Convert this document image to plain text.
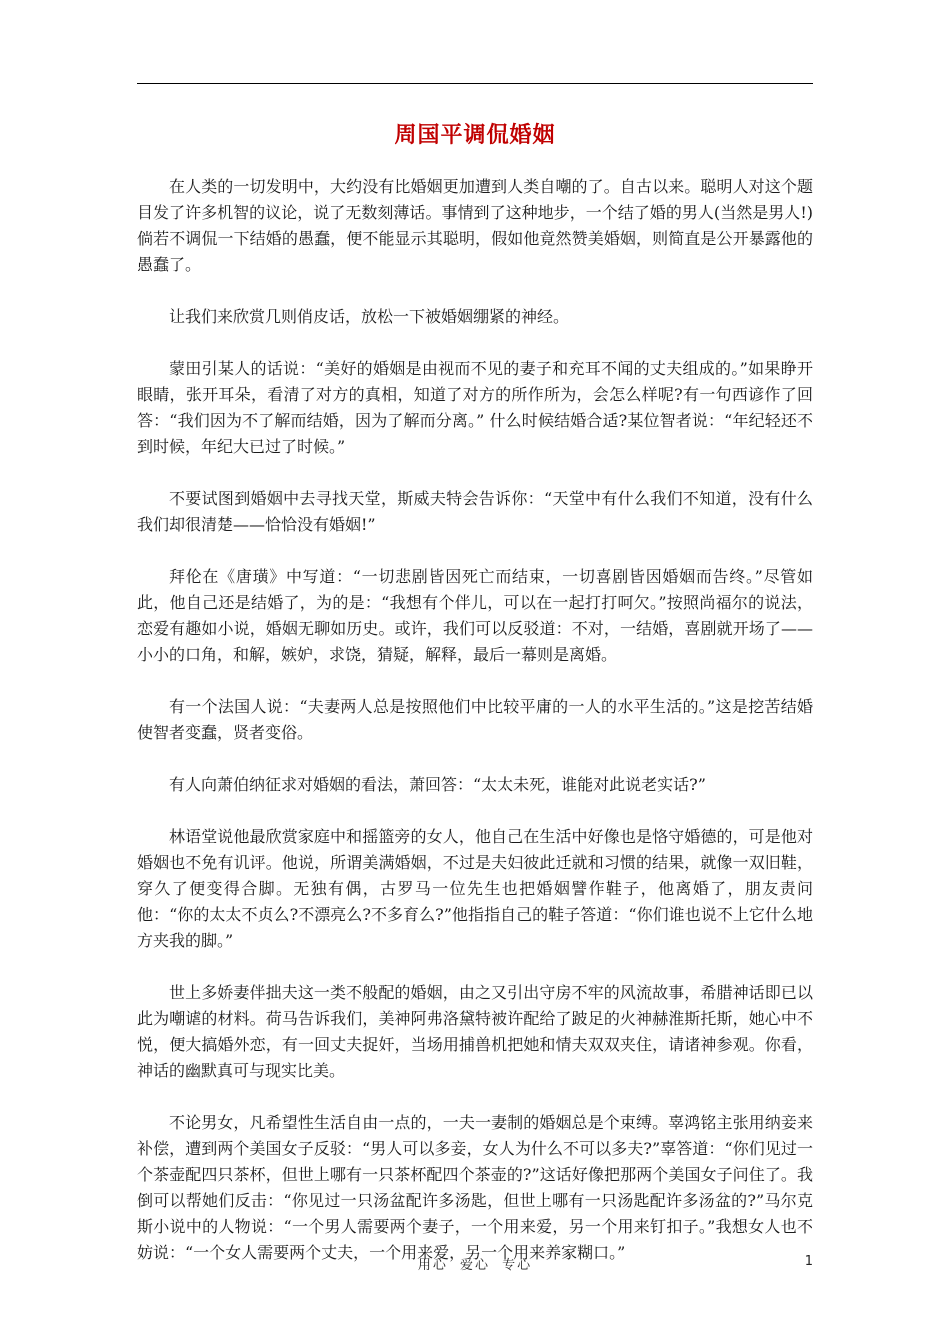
周国平调侃婚姻

在人类的一切发明中，大约没有比婚姻更加遭到人类自嘲的了。自古以来。聪明人对这个题目发了许多机智的议论，说了无数刻薄话。事情到了这种地步，一个结了婚的男人(当然是男人!)倘若不调侃一下结婚的愚蠢，便不能显示其聪明，假如他竟然赞美婚姻，则简直是公开暴露他的愚蠢了。

让我们来欣赏几则俏皮话，放松一下被婚姻绷紧的神经。

蒙田引某人的话说：“美好的婚姻是由视而不见的妻子和充耳不闻的丈夫组成的。”如果睁开眼睛，张开耳朵，看清了对方的真相，知道了对方的所作所为，会怎么样呢?有一句西谚作了回答：“我们因为不了解而结婚，因为了解而分离。” 什么时候结婚合适?某位智者说：“年纪轻还不到时候，年纪大已过了时候。”

不要试图到婚姻中去寻找天堂，斯威夫特会告诉你：“天堂中有什么我们不知道，没有什么我们却很清楚——恰恰没有婚姻!”

拜伦在《唐璜》中写道：“一切悲剧皆因死亡而结束，一切喜剧皆因婚姻而告终。”尽管如此，他自己还是结婚了，为的是：“我想有个伴儿，可以在一起打打呵欠。”按照尚福尔的说法，恋爱有趣如小说，婚姻无聊如历史。或许，我们可以反驳道：不对，一结婚，喜剧就开场了——小小的口角，和解，嫉妒，求饶，猜疑，解释，最后一幕则是离婚。

有一个法国人说：“夫妻两人总是按照他们中比较平庸的一人的水平生活的。”这是挖苦结婚使智者变蠢，贤者变俗。

有人向萧伯纳征求对婚姻的看法，萧回答：“太太未死，谁能对此说老实话?”

林语堂说他最欣赏家庭中和摇篮旁的女人，他自己在生活中好像也是恪守婚德的，可是他对婚姻也不免有讥评。他说，所谓美满婚姻，不过是夫妇彼此迁就和习惯的结果，就像一双旧鞋，穿久了便变得合脚。无独有偶，古罗马一位先生也把婚姻譬作鞋子，他离婚了，朋友责问他：“你的太太不贞么?不漂亮么?不多育么?”他指指自己的鞋子答道：“你们谁也说不上它什么地方夹我的脚。”

世上多娇妻伴拙夫这一类不般配的婚姻，由之又引出守房不牢的风流故事，希腊神话即已以此为嘲谑的材料。荷马告诉我们，美神阿弗洛黛特被许配给了跛足的火神赫淮斯托斯，她心中不悦，便大搞婚外恋，有一回丈夫捉奸，当场用捕兽机把她和情夫双双夹住，请诸神参观。你看，神话的幽默真可与现实比美。

不论男女，凡希望性生活自由一点的，一夫一妻制的婚姻总是个束缚。辜鸿铭主张用纳妾来补偿，遭到两个美国女子反驳：“男人可以多妾，女人为什么不可以多夫?”辜答道：“你们见过一个茶壶配四只茶杯，但世上哪有一只茶杯配四个茶壶的?”这话好像把那两个美国女子问住了。我倒可以帮她们反击：“你见过一只汤盆配许多汤匙，但世上哪有一只汤匙配许多汤盆的?”马尔克斯小说中的人物说：“一个男人需要两个妻子，一个用来爱，另一个用来钉扣子。”我想女人也不妨说：“一个女人需要两个丈夫，一个用来爱，另一个用来养家糊口。”

用心 爱心 专心	1
